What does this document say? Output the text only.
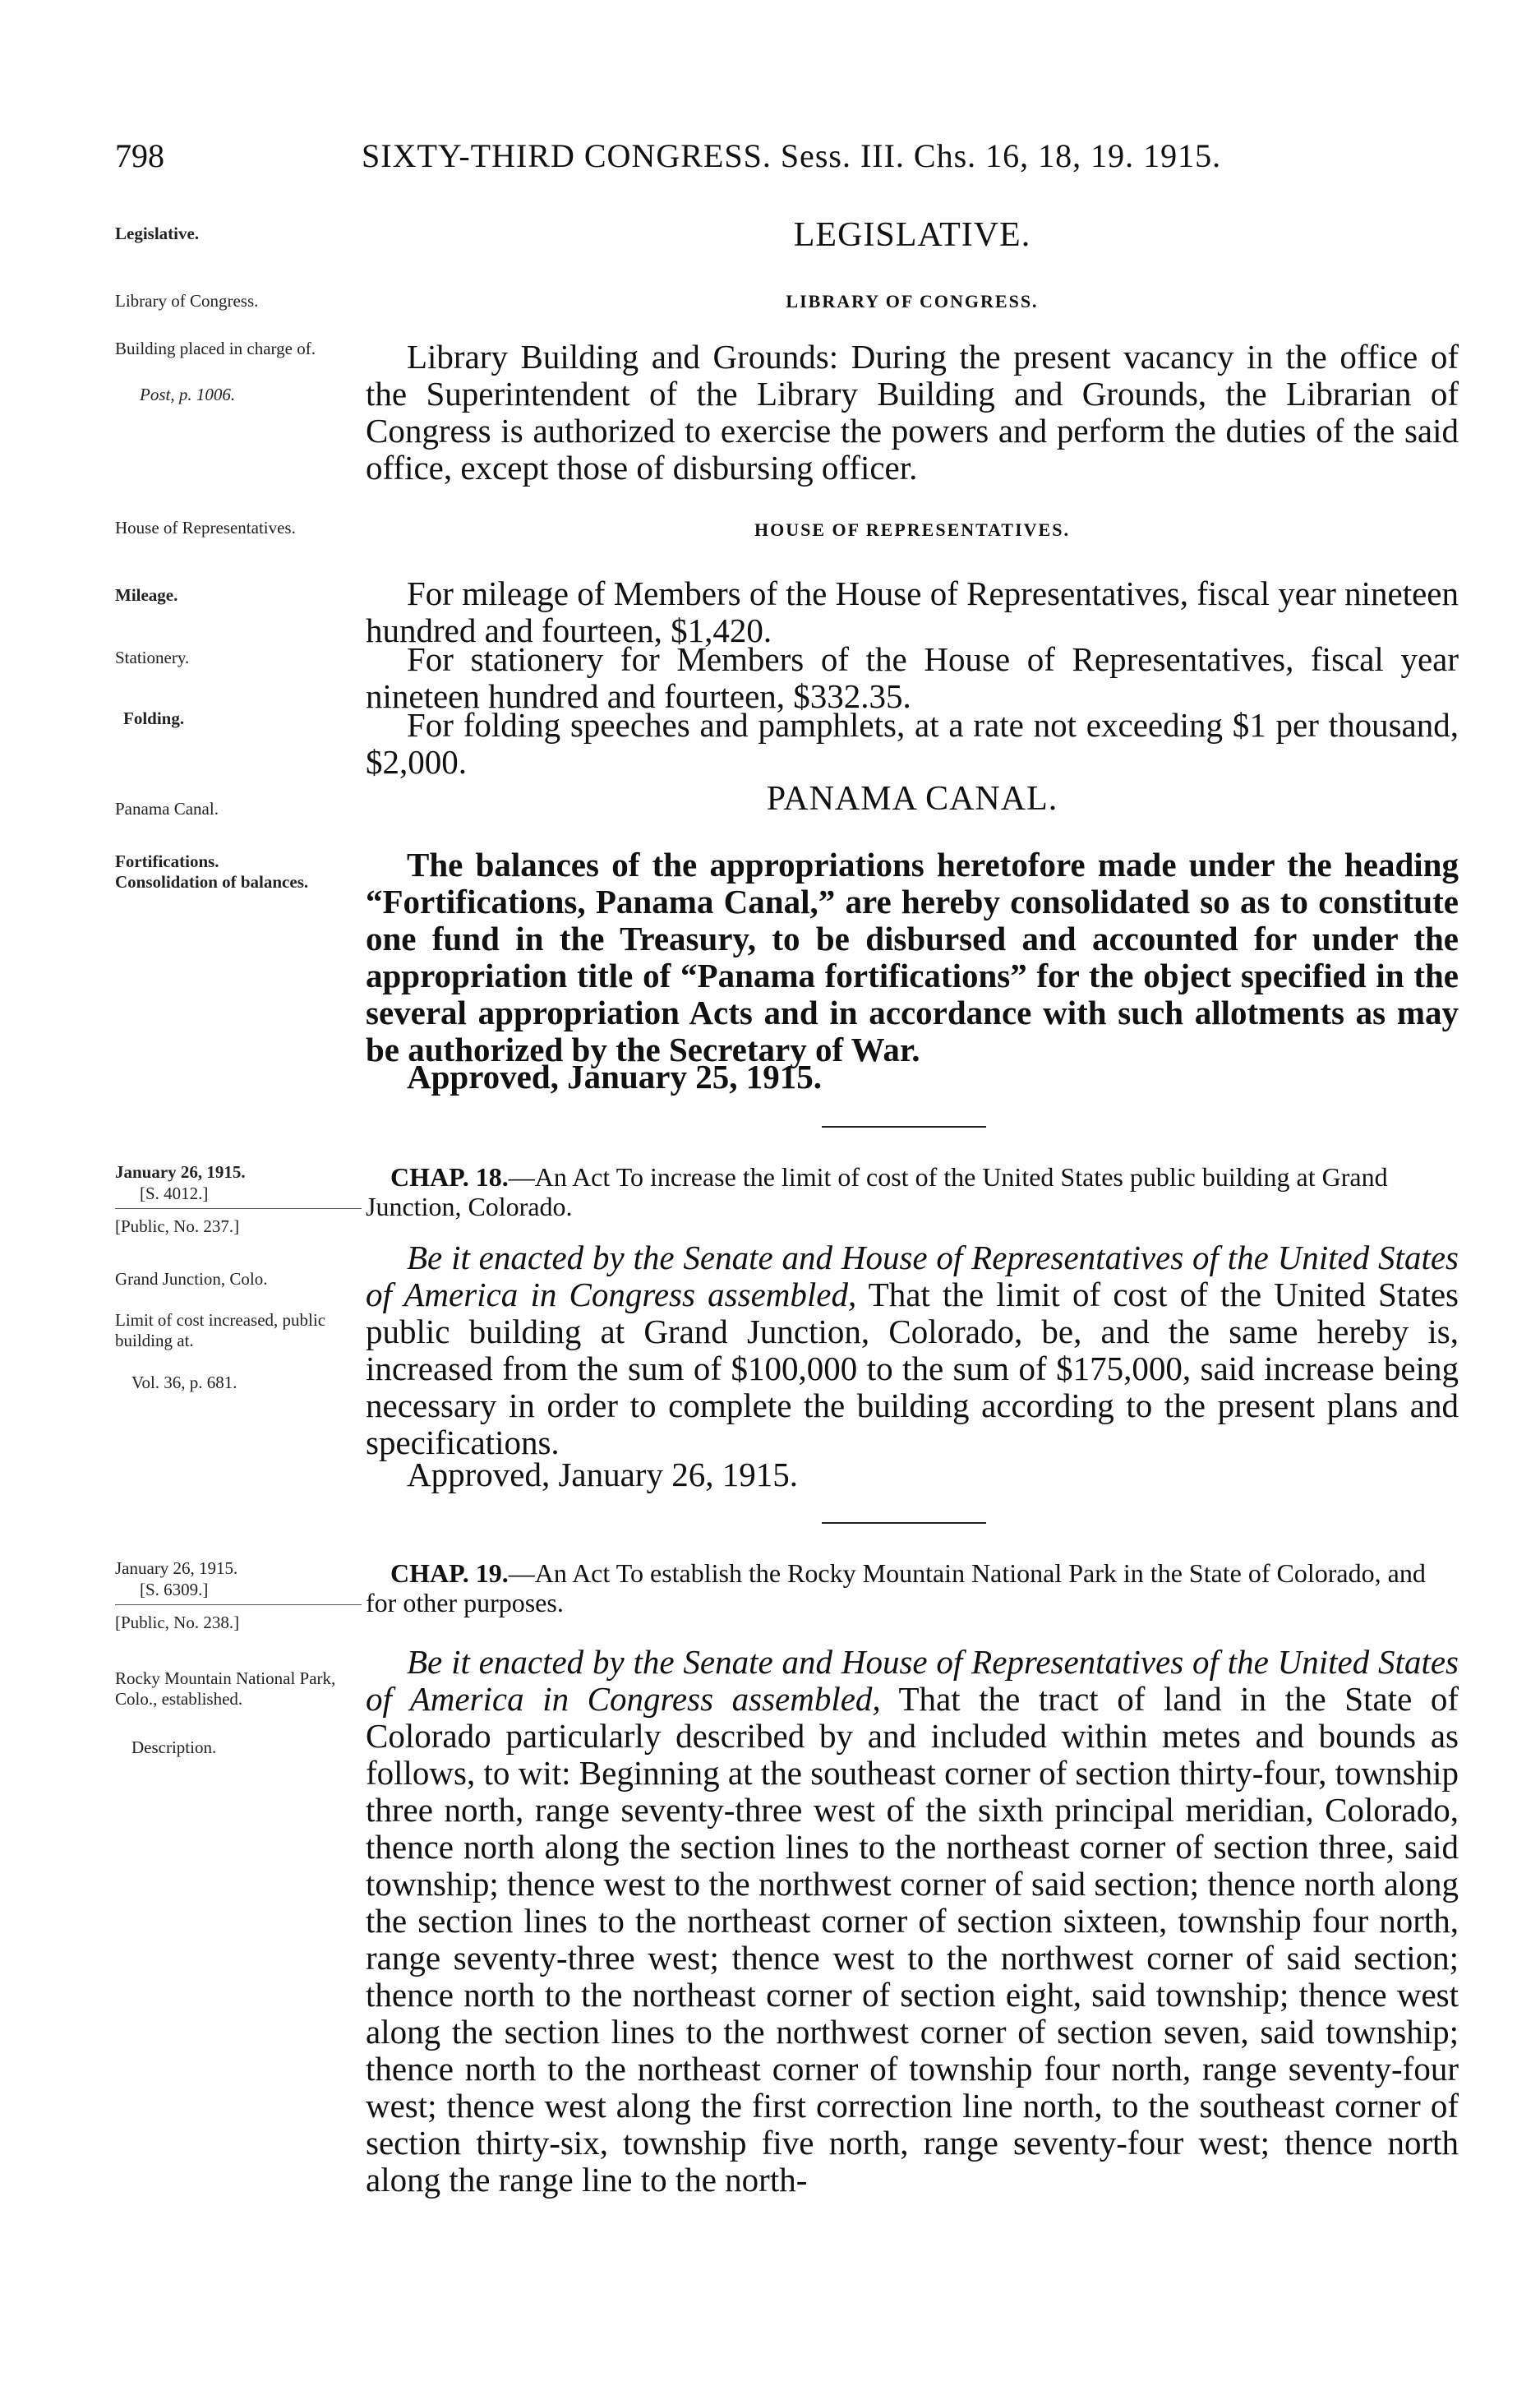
798	SIXTY-THIRD CONGRESS. Sess. III. Chs. 16, 18, 19. 1915.
Legislative.
Library of Congress.
Building placed in charge of.
Post, p. 1006.
House of Representatives.
Mileage.
Stationery.
Folding.
Panama Canal.
Fortifications.
Consolidation of balances.
January 26, 1915.
[S. 4012.]
[Public, No. 237.]
Grand Junction, Colo.
Limit of cost increased, public building at.
Vol. 36, p. 681.
January 26, 1915.
[S. 6309.]
[Public, No. 238.]
Rocky Mountain National Park, Colo., established.
Description.
LEGISLATIVE.
LIBRARY OF CONGRESS.
Library Building and Grounds: During the present vacancy in the office of the Superintendent of the Library Building and Grounds, the Librarian of Congress is authorized to exercise the powers and perform the duties of the said office, except those of disbursing officer.
HOUSE OF REPRESENTATIVES.
For mileage of Members of the House of Representatives, fiscal year nineteen hundred and fourteen, $1,420.
For stationery for Members of the House of Representatives, fiscal year nineteen hundred and fourteen, $332.35.
For folding speeches and pamphlets, at a rate not exceeding $1 per thousand, $2,000.
PANAMA CANAL.
The balances of the appropriations heretofore made under the heading “Fortifications, Panama Canal,” are hereby consolidated so as to constitute one fund in the Treasury, to be disbursed and accounted for under the appropriation title of “Panama fortifications” for the object specified in the several appropriation Acts and in accordance with such allotments as may be authorized by the Secretary of War.
Approved, January 25, 1915.
CHAP. 18.—An Act To increase the limit of cost of the United States public building at Grand Junction, Colorado.
Be it enacted by the Senate and House of Representatives of the United States of America in Congress assembled, That the limit of cost of the United States public building at Grand Junction, Colorado, be, and the same hereby is, increased from the sum of $100,000 to the sum of $175,000, said increase being necessary in order to complete the building according to the present plans and specifications.
Approved, January 26, 1915.
CHAP. 19.—An Act To establish the Rocky Mountain National Park in the State of Colorado, and for other purposes.
Be it enacted by the Senate and House of Representatives of the United States of America in Congress assembled, That the tract of land in the State of Colorado particularly described by and included within metes and bounds as follows, to wit: Beginning at the southeast corner of section thirty-four, township three north, range seventy-three west of the sixth principal meridian, Colorado, thence north along the section lines to the northeast corner of section three, said township; thence west to the northwest corner of said section; thence north along the section lines to the northeast corner of section sixteen, township four north, range seventy-three west; thence west to the northwest corner of said section; thence north to the northeast corner of section eight, said township; thence west along the section lines to the northwest corner of section seven, said township; thence north to the northeast corner of township four north, range seventy-four west; thence west along the first correction line north, to the southeast corner of section thirty-six, township five north, range seventy-four west; thence north along the range line to the north-
